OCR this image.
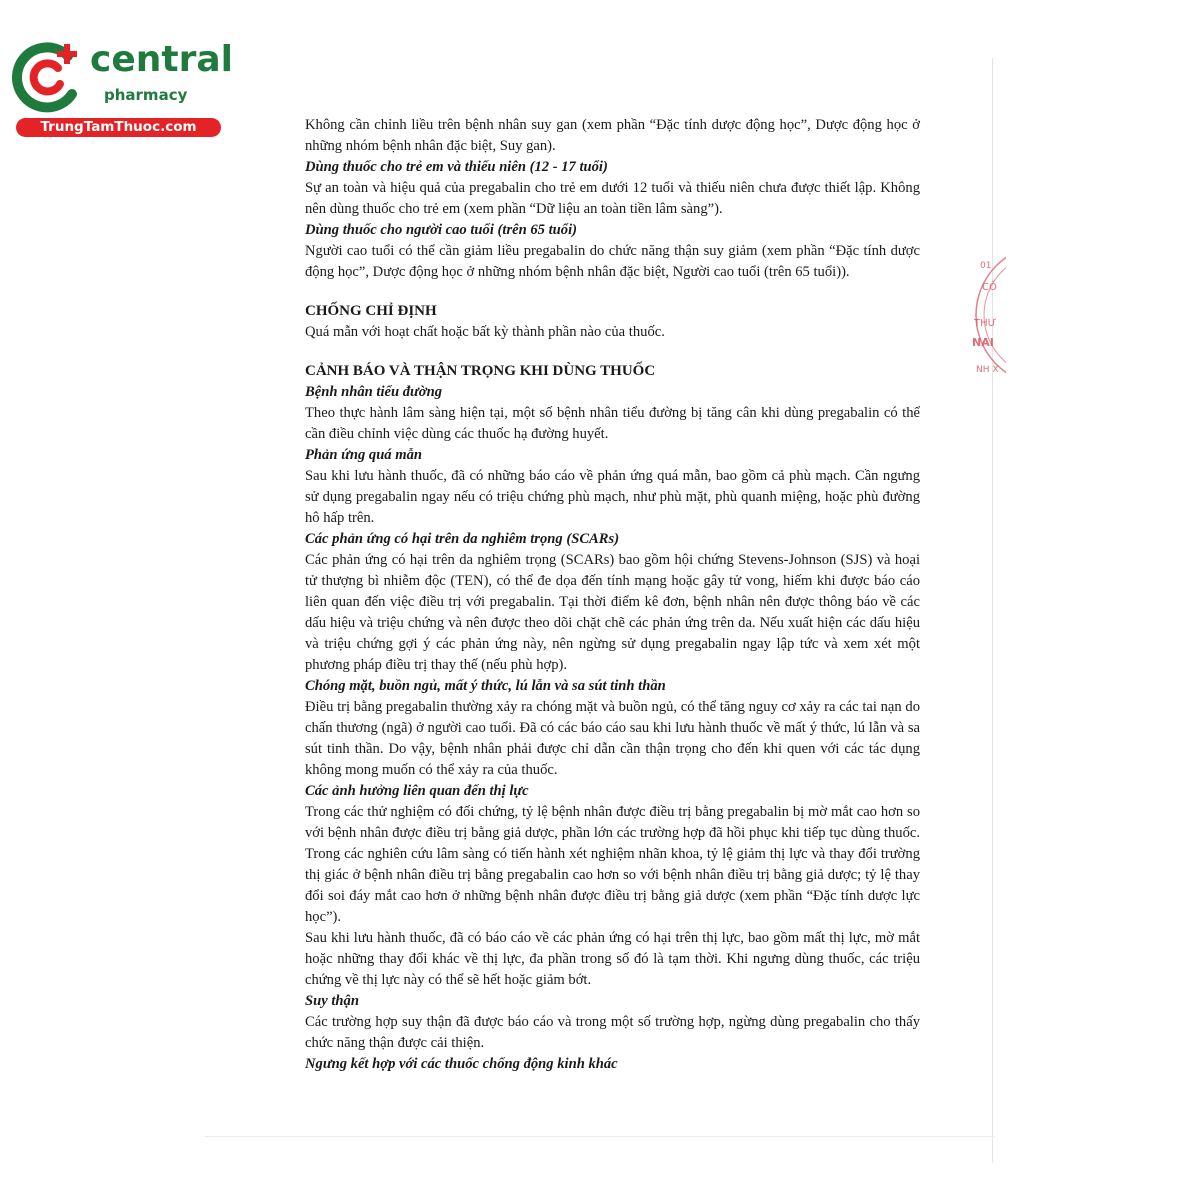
central
pharmacy
TrungTamThuoc.com
01
CÔ
THƯ
NAI
NH X

Không cần chỉnh liều trên bệnh nhân suy gan (xem phần “Đặc tính dược động học”, Dược động học ở những nhóm bệnh nhân đặc biệt, Suy gan).

Dùng thuốc cho trẻ em và thiếu niên (12 - 17 tuổi)

Sự an toàn và hiệu quả của pregabalin cho trẻ em dưới 12 tuổi và thiếu niên chưa được thiết lập. Không nên dùng thuốc cho trẻ em (xem phần “Dữ liệu an toàn tiền lâm sàng”).

Dùng thuốc cho người cao tuổi (trên 65 tuổi)

Người cao tuổi có thể cần giảm liều pregabalin do chức năng thận suy giảm (xem phần “Đặc tính dược động học”, Dược động học ở những nhóm bệnh nhân đặc biệt, Người cao tuổi (trên 65 tuổi)).

CHỐNG CHỈ ĐỊNH

Quá mẫn với hoạt chất hoặc bất kỳ thành phần nào của thuốc.

CẢNH BÁO VÀ THẬN TRỌNG KHI DÙNG THUỐC

Bệnh nhân tiểu đường

Theo thực hành lâm sàng hiện tại, một số bệnh nhân tiểu đường bị tăng cân khi dùng pregabalin có thể cần điều chỉnh việc dùng các thuốc hạ đường huyết.

Phản ứng quá mẫn

Sau khi lưu hành thuốc, đã có những báo cáo về phản ứng quá mẫn, bao gồm cả phù mạch. Cần ngưng sử dụng pregabalin ngay nếu có triệu chứng phù mạch, như phù mặt, phù quanh miệng, hoặc phù đường hô hấp trên.

Các phản ứng có hại trên da nghiêm trọng (SCARs)

Các phản ứng có hại trên da nghiêm trọng (SCARs) bao gồm hội chứng Stevens-Johnson (SJS) và hoại tử thượng bì nhiễm độc (TEN), có thể đe dọa đến tính mạng hoặc gây tử vong, hiếm khi được báo cáo liên quan đến việc điều trị với pregabalin. Tại thời điểm kê đơn, bệnh nhân nên được thông báo về các dấu hiệu và triệu chứng và nên được theo dõi chặt chẽ các phản ứng trên da. Nếu xuất hiện các dấu hiệu và triệu chứng gợi ý các phản ứng này, nên ngừng sử dụng pregabalin ngay lập tức và xem xét một phương pháp điều trị thay thế (nếu phù hợp).

Chóng mặt, buồn ngủ, mất ý thức, lú lẫn và sa sút tinh thần

Điều trị bằng pregabalin thường xảy ra chóng mặt và buồn ngủ, có thể tăng nguy cơ xảy ra các tai nạn do chấn thương (ngã) ở người cao tuổi. Đã có các báo cáo sau khi lưu hành thuốc về mất ý thức, lú lẫn và sa sút tinh thần. Do vậy, bệnh nhân phải được chỉ dẫn cần thận trọng cho đến khi quen với các tác dụng không mong muốn có thể xảy ra của thuốc.

Các ảnh hưởng liên quan đến thị lực

Trong các thử nghiệm có đối chứng, tỷ lệ bệnh nhân được điều trị bằng pregabalin bị mờ mắt cao hơn so với bệnh nhân được điều trị bằng giả dược, phần lớn các trường hợp đã hồi phục khi tiếp tục dùng thuốc. Trong các nghiên cứu lâm sàng có tiến hành xét nghiệm nhãn khoa, tỷ lệ giảm thị lực và thay đổi trường thị giác ở bệnh nhân điều trị bằng pregabalin cao hơn so với bệnh nhân điều trị bằng giả dược; tỷ lệ thay đổi soi đáy mắt cao hơn ở những bệnh nhân được điều trị bằng giả dược (xem phần “Đặc tính dược lực học”).

Sau khi lưu hành thuốc, đã có báo cáo về các phản ứng có hại trên thị lực, bao gồm mất thị lực, mờ mắt hoặc những thay đổi khác về thị lực, đa phần trong số đó là tạm thời. Khi ngưng dùng thuốc, các triệu chứng về thị lực này có thể sẽ hết hoặc giảm bớt.

Suy thận

Các trường hợp suy thận đã được báo cáo và trong một số trường hợp, ngừng dùng pregabalin cho thấy chức năng thận được cải thiện.

Ngưng kết hợp với các thuốc chống động kinh khác
